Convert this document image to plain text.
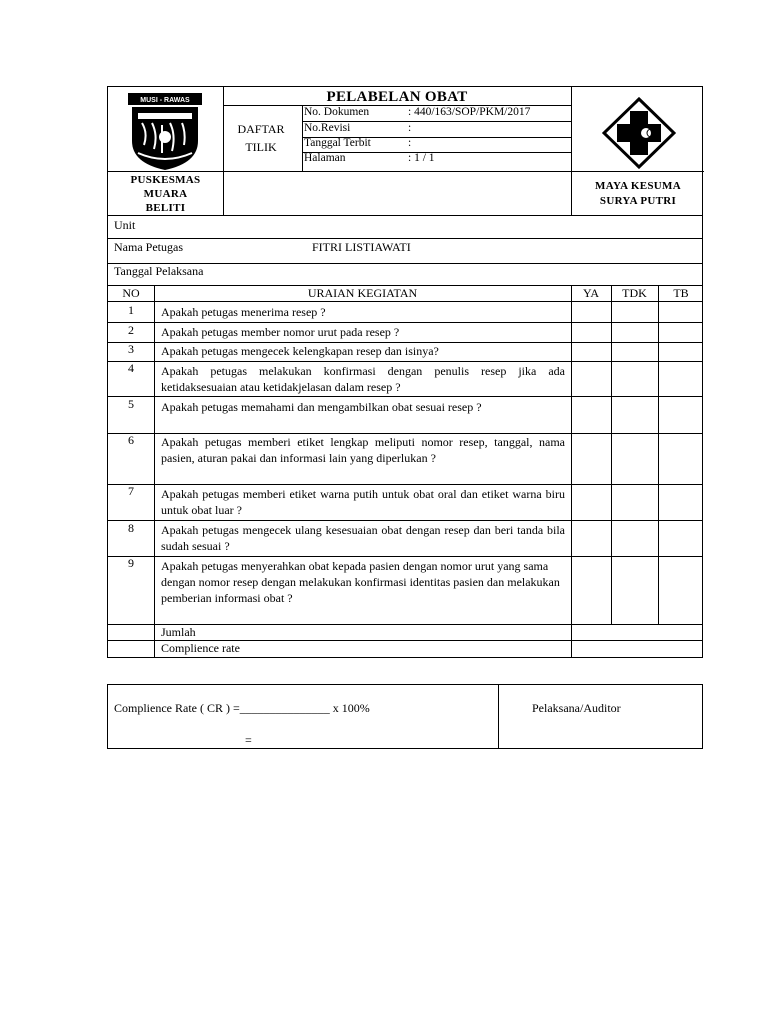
MUSI - RAWAS	PELABELAN OBAT
DAFTAR
TILIK
No. Dokumen	: 440/163/SOP/PKM/2017
No.Revisi	:
Tanggal Terbit	:
Halaman	: 1 / 1
PUSKESMAS
MUARA
BELITI
MAYA KESUMA
SURYA PUTRI
Unit
Nama Petugas	FITRI LISTIAWATI
Tanggal Pelaksana
NO	URAIAN KEGIATAN	YA	TDK	TB
1	Apakah petugas menerima resep ?
2	Apakah petugas member nomor urut pada resep ?
3	Apakah petugas mengecek kelengkapan resep dan isinya?
4	Apakah petugas melakukan konfirmasi dengan penulis resep jika ada ketidaksesuaian atau ketidakjelasan dalam resep ?
5	Apakah petugas memahami dan mengambilkan obat sesuai resep ?
6	Apakah petugas memberi etiket lengkap meliputi nomor resep, tanggal, nama pasien, aturan pakai dan informasi lain yang diperlukan ?
7	Apakah petugas memberi etiket warna putih untuk obat oral dan etiket warna biru untuk obat luar ?
8	Apakah petugas mengecek ulang kesesuaian obat dengan resep dan beri tanda bila sudah sesuai ?
9	Apakah petugas menyerahkan obat kepada pasien dengan nomor urut yang sama dengan nomor resep dengan melakukan konfirmasi identitas pasien dan melakukan pemberian informasi obat ?
Jumlah
Complience rate
Complience Rate ( CR ) =_______________ x 100%
=
Pelaksana/Auditor
